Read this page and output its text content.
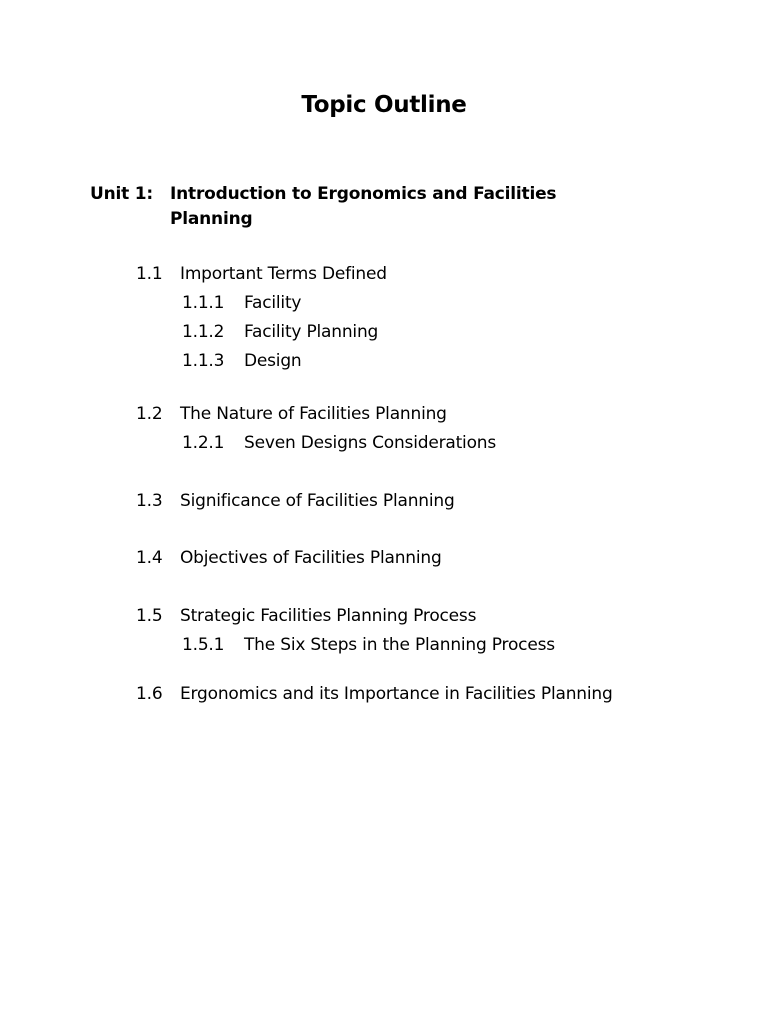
Topic Outline
Unit 1: Introduction to Ergonomics and Facilities
Planning
1.1 Important Terms Defined
1.1.1 Facility
1.1.2 Facility Planning
1.1.3 Design
1.2 The Nature of Facilities Planning
1.2.1 Seven Designs Considerations
1.3 Significance of Facilities Planning
1.4 Objectives of Facilities Planning
1.5 Strategic Facilities Planning Process
1.5.1 The Six Steps in the Planning Process
1.6 Ergonomics and its Importance in Facilities Planning
